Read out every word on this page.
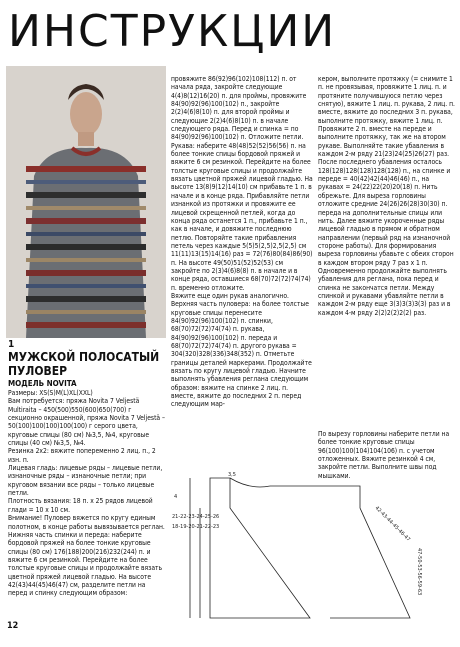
ИНСТРУКЦИИ
1
МУЖСКОЙ ПОЛОСАТЫЙ ПУЛОВЕР
МОДЕЛЬ NOVITA
Размеры: XS(S)M(L)XL(XXL)
Вам потребуется: пряжа Novita 7 Veljestä Multiraita – 450(500)550(600)650(700) г секционно окрашенной, пряжа Novita 7 Veljestä – 50(100)100(100)100(100) г серого цвета, круговые спицы (80 см) №3,5, №4, круговые спицы (40 см) №3,5, №4.
Резинка 2x2: вяжите попеременно 2 лиц. п., 2 изн. п.
Лицевая гладь: лицевые ряды – лицевые петли, изнаночные ряды – изнаночные петли; при круговом вязании все ряды – только лицевые петли.
Плотность вязания: 18 п. x 25 рядов лицевой глади = 10 x 10 см.
Внимание! Пуловер вяжется по кругу единым полотном, в конце работы вывязывается реглан.
Нижняя часть спинки и переда: наберите бордовой пряжей на более тонкие круговые спицы (80 см) 176(188)200(216)232(244) п. и вяжите 6 см резинкой. Перейдите на более толстые круговые спицы и продолжайте вязать цветной пряжей лицевой гладью. На высоте 42(43)44(45)46(47) см, разделите петли на перед и спинку следующим образом:
провяжите 86(92)96(102)108(112) п. от начала ряда, закройте следующие 4(4)8(12)16(20) п. для проймы, провяжите 84(90)92(96)100(102) п., закройте 2(2)4(6)8(10) п. для второй проймы и следующие 2(2)4(6)8(10) п. в начале следующего ряда. Перед и спинка = по 84(90)92(96)100(102) п. Отложите петли.
Рукава: наберите 48(48)52(52)56(56) п. на более тонкие спицы бордовой пряжей и вяжите 6 см резинкой. Перейдите на более толстые круговые спицы и продолжайте вязать цветной пряжей лицевой гладью. На высоте 13(8)9(12)14(10) см прибавьте 1 п. в начале и в конце ряда. Прибавляйте петли изнанкой из протяжки и провяжите ее лицевой скрещенной петлей, когда до конца ряда останется 1 п., прибавьте 1 п., как в начале, и довяжите последнюю петлю. Повторяйте такие прибавления петель через каждые 5(5)5(2,5)2,5(2,5) см 11(11)13(15)14(16) раз = 72(76)80(84)86(90) п. На высоте 49(50)51(52)52(53) см закройте по 2(3)4(6)8(8) п. в начале и в конце ряда, оставшиеся 68(70)72(72)74(74) п. временно отложите.
Вяжите еще один рукав аналогично.
Верхняя часть пуловера: на более толстые круговые спицы перенесите 84(90)92(96)100(102) п. спинки, 68(70)72(72)74(74) п. рукава, 84(90)92(96)100(102) п. переда и 68(70)72(72)74(74) п. другого рукава = 304(320)328(336)348(352) п. Отметьте границы деталей маркерами. Продолжайте вязать по кругу лицевой гладью. Начните выполнять убавления реглана следующим образом: вяжите на спинке 2 лиц. п. вместе, вяжите до последних 2 п. перед следующим мар-
кером, выполните протяжку (= снимите 1 п. не провязывая, провяжите 1 лиц. п. и протяните получившуюся петлю через снятую), вяжите 1 лиц. п. рукава, 2 лиц. п. вместе, вяжите до последних 3 п. рукава, выполните протяжку, вяжите 1 лиц. п. Провяжите 2 п. вместе на переде и выполните протяжку, так же на втором рукаве. Выполняйте такие убавления в каждом 2-м ряду 21(23)24(25)26(27) раз. После последнего убавления осталось 128(128)128(128)128(128) п., на спинке и переде = 40(42)42(44)46(46) п., на рукавах = 24(22)22(20)20(18) п. Нить обрежьте. Для выреза горловины отложите средние 24(26)26(28)30(30) п. переда на дополнительные спицы или нить. Далее вяжите укороченные ряды лицевой гладью в прямом и обратном направлении (первый ряд на изнаночной стороне работы). Для формирования выреза горловины убавьте с обеих сторон в каждом втором ряду 7 раз x 1 п. Одновременно продолжайте выполнять убавления для реглана, пока перед и спинка не закончатся петли. Между спинкой и рукавами убавляйте петли в каждом 2-м ряду еще 3(3)3(3)3(3) раз и в каждом 4-м ряду 2(2)2(2)2(2) раз.
По вырезу горловины наберите петли на более тонкие круговые спицы 96(100)100(104)104(106) п. с учетом отложенных. Вяжите резинкой 4 см, закройте петли. Выполните швы под мышками.
3,5
4
21-22-23-24-25-26
18-19-20-21-22-23	42-43-44-45-46-47
47-50-53-56-59-63
12
